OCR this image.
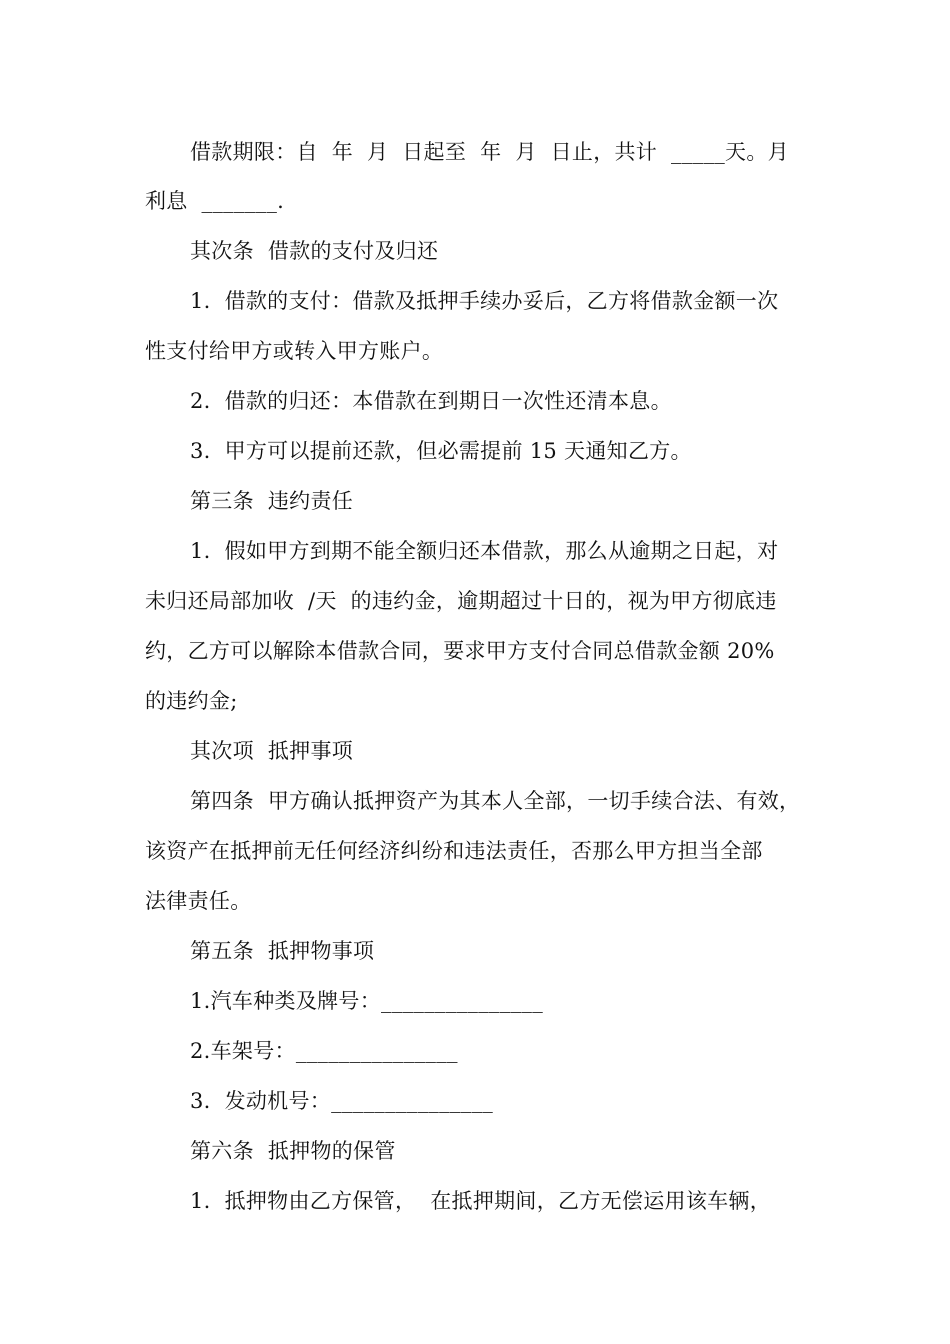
借款期限：自  年  月  日起至  年  月  日止，共计  _____天。月
利息  _______.
其次条  借款的支付及归还
1.  借款的支付：借款及抵押手续办妥后，乙方将借款金额一次
性支付给甲方或转入甲方账户。
2.  借款的归还：本借款在到期日一次性还清本息。
3.  甲方可以提前还款，但必需提前 15 天通知乙方。
第三条  违约责任
1.  假如甲方到期不能全额归还本借款，那么从逾期之日起，对
未归还局部加收  /天  的违约金，逾期超过十日的，视为甲方彻底违
约，乙方可以解除本借款合同，要求甲方支付合同总借款金额 20%
的违约金;
其次项  抵押事项
第四条  甲方确认抵押资产为其本人全部，一切手续合法、有效，
该资产在抵押前无任何经济纠纷和违法责任，否那么甲方担当全部
法律责任。
第五条  抵押物事项
1.汽车种类及牌号：_______________
2.车架号：_______________
3.  发动机号：_______________
第六条  抵押物的保管
1.  抵押物由乙方保管，  在抵押期间，乙方无偿运用该车辆，
